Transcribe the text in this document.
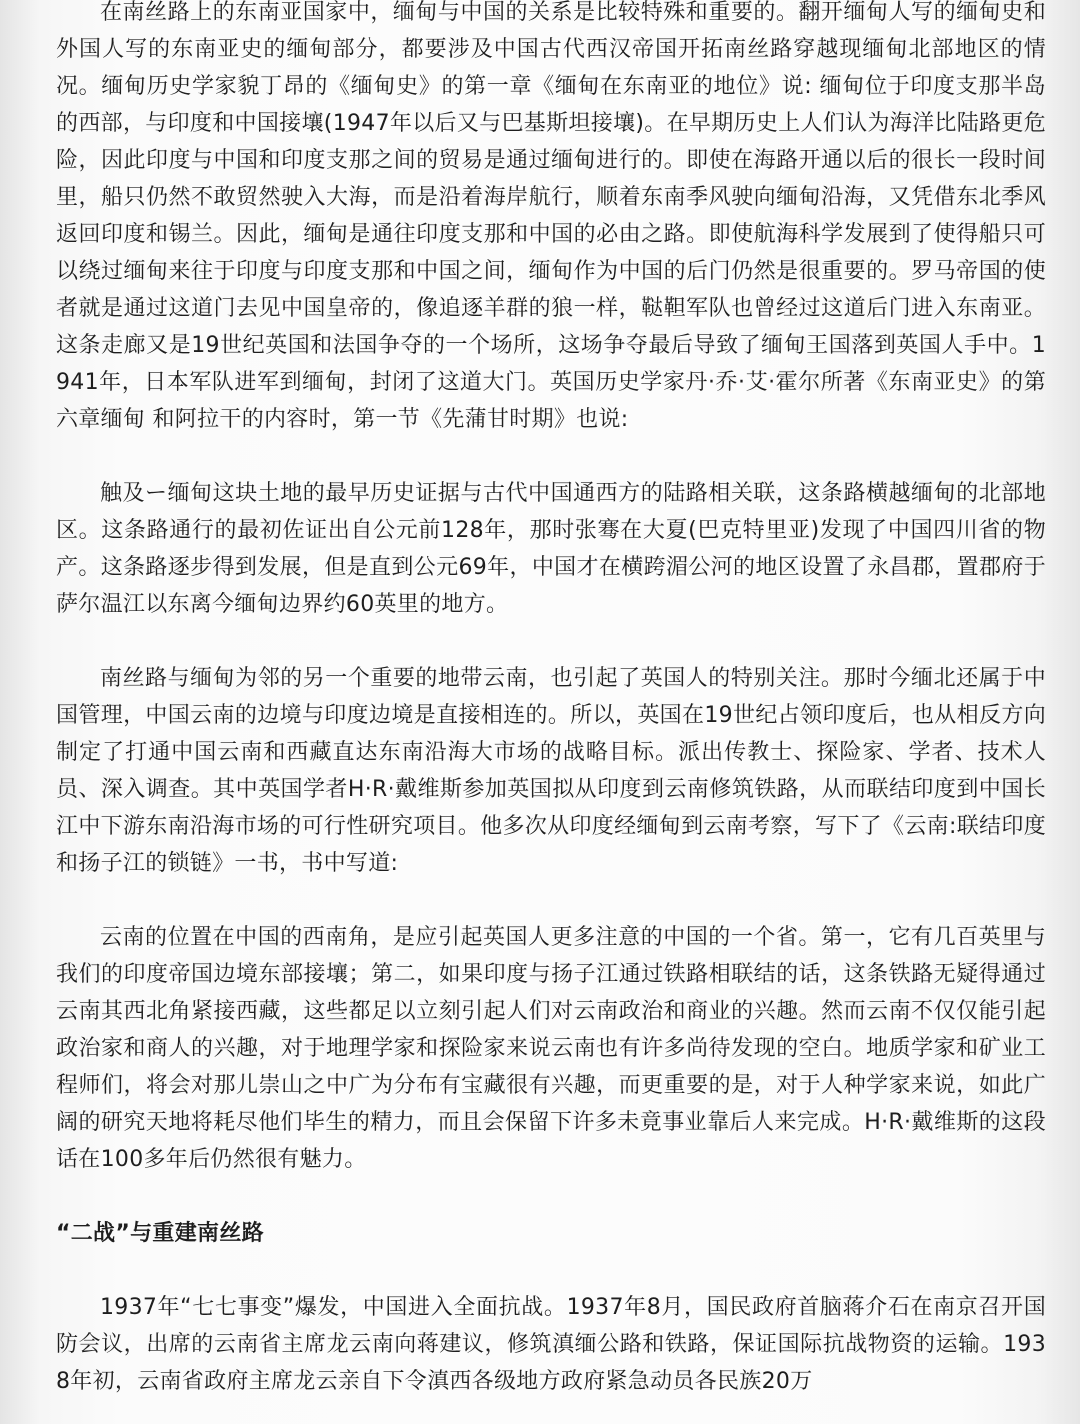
在南丝路上的东南亚国家中，缅甸与中国的关系是比较特殊和重要的。翻开缅甸人写的缅甸史和外国人写的东南亚史的缅甸部分，都要涉及中国古代西汉帝国开拓南丝路穿越现缅甸北部地区的情况。缅甸历史学家貌丁昂的《缅甸史》的第一章《缅甸在东南亚的地位》说: 缅甸位于印度支那半岛的西部，与印度和中国接壤(1947年以后又与巴基斯坦接壤)。在早期历史上人们认为海洋比陆路更危险，因此印度与中国和印度支那之间的贸易是通过缅甸进行的。即使在海路开通以后的很长一段时间里，船只仍然不敢贸然驶入大海，而是沿着海岸航行，顺着东南季风驶向缅甸沿海，又凭借东北季风返回印度和锡兰。因此，缅甸是通往印度支那和中国的必由之路。即使航海科学发展到了使得船只可以绕过缅甸来往于印度与印度支那和中国之间，缅甸作为中国的后门仍然是很重要的。罗马帝国的使者就是通过这道门去见中国皇帝的，像追逐羊群的狼一样，鞑靼军队也曾经过这道后门进入东南亚。这条走廊又是19世纪英国和法国争夺的一个场所，这场争夺最后导致了缅甸王国落到英国人手中。1941年，日本军队进军到缅甸，封闭了这道大门。英国历史学家丹·乔·艾·霍尔所著《东南亚史》的第六章缅甸 和阿拉干的内容时，第一节《先蒲甘时期》也说:

触及ー缅甸这块土地的最早历史证据与古代中国通西方的陆路相关联，这条路横越缅甸的北部地区。这条路通行的最初佐证出自公元前128年，那时张骞在大夏(巴克特里亚)发现了中国四川省的物产。这条路逐步得到发展，但是直到公元69年，中国才在横跨湄公河的地区设置了永昌郡，置郡府于萨尔温江以东离今缅甸边界约60英里的地方。

南丝路与缅甸为邻的另一个重要的地带云南，也引起了英国人的特别关注。那时今缅北还属于中国管理，中国云南的边境与印度边境是直接相连的。所以，英国在19世纪占领印度后，也从相反方向制定了打通中国云南和西藏直达东南沿海大市场的战略目标。派出传教士、探险家、学者、技术人员、深入调查。其中英国学者H·R·戴维斯参加英国拟从印度到云南修筑铁路，从而联结印度到中国长江中下游东南沿海市场的可行性研究项目。他多次从印度经缅甸到云南考察，写下了《云南:联结印度和扬子江的锁链》一书，书中写道:

云南的位置在中国的西南角，是应引起英国人更多注意的中国的一个省。第一，它有几百英里与我们的印度帝国边境东部接壤；第二，如果印度与扬子江通过铁路相联结的话，这条铁路无疑得通过云南其西北角紧接西藏，这些都足以立刻引起人们对云南政治和商业的兴趣。然而云南不仅仅能引起政治家和商人的兴趣，对于地理学家和探险家来说云南也有许多尚待发现的空白。地质学家和矿业工程师们，将会对那儿崇山之中广为分布有宝藏很有兴趣，而更重要的是，对于人种学家来说，如此广阔的研究天地将耗尽他们毕生的精力，而且会保留下许多未竟事业靠后人来完成。H·R·戴维斯的这段话在100多年后仍然很有魅力。

“二战”与重建南丝路

1937年“七七事变”爆发，中国进入全面抗战。1937年8月，国民政府首脑蒋介石在南京召开国防会议，出席的云南省主席龙云南向蒋建议，修筑滇缅公路和铁路，保证国际抗战物资的运输。1938年初，云南省政府主席龙云亲自下令滇西各级地方政府紧急动员各民族20万
